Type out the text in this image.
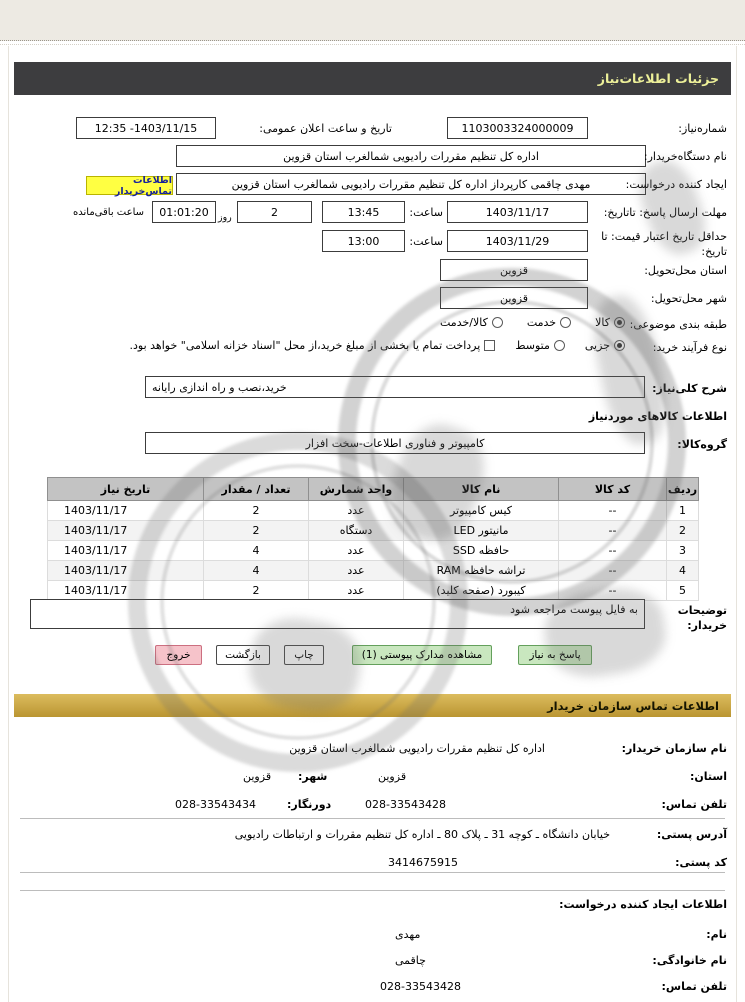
جزئیات اطلاعات‌نیاز
شماره‌نیاز:
1103003324000009
تاریخ و ساعت اعلان عمومی:
1403/11/15- 12:35
نام دستگاه‌خریدار:
اداره کل تنظیم مقررات رادیویی شمالغرب استان قزوین
ایجاد کننده درخواست:
مهدی چاقمی کارپرداز اداره کل تنظیم مقررات رادیویی شمالغرب استان قزوین
اطلاعات تماس‌خریدار
مهلت ارسال پاسخ: تاتاریخ:
1403/11/17
ساعت:
13:45
2
روز
01:01:20
ساعت باقی‌مانده
حداقل تاریخ اعتبار قیمت: تا تاریخ:
1403/11/29
ساعت:
13:00
استان محل‌تحویل:
قزوین
شهر محل‌تحویل:
قزوین
طبقه بندی موضوعی:
کالا
خدمت
کالا/خدمت
نوع فرآیند خرید:
جزیی
متوسط
پرداخت تمام یا بخشی از مبلغ خرید،از محل "اسناد خزانه اسلامی" خواهد بود.
شرح کلی‌نیاز:
خرید،نصب و راه اندازی رایانه
اطلاعات کالاهای موردنیاز
گروه‌کالا:
کامپیوتر و فناوری اطلاعات-سخت افزار
ردیف	کد کالا	نام کالا	واحد شمارش	تعداد / مقدار	تاریخ نیاز
1	--	کیس کامپیوتر	عدد	2	1403/11/17
2	--	مانیتور LED	دستگاه	2	1403/11/17
3	--	حافظه SSD	عدد	4	1403/11/17
4	--	تراشه حافظه RAM	عدد	4	1403/11/17
5	--	کیبورد (صفحه کلید)	عدد	2	1403/11/17
توضیحات خریدار:
به فایل پیوست مراجعه شود
پاسخ به نیاز
مشاهده مدارک پیوستی (1)
چاپ
بازگشت
خروج
اطلاعات تماس سازمان خریدار
نام سازمان خریدار:
اداره کل تنظیم مقررات رادیویی شمالغرب استان قزوین
استان:
قزوین
شهر:
قزوین
تلفن تماس:
028-33543428
دورنگار:
028-33543434
آدرس پستی:
خیابان دانشگاه ـ کوچه 31 ـ پلاک 80 ـ اداره کل تنظیم مقررات و ارتباطات رادیویی
کد پستی:
3414675915
اطلاعات ایجاد کننده درخواست:
نام:
مهدی
نام خانوادگی:
چاقمی
تلفن تماس:
028-33543428
